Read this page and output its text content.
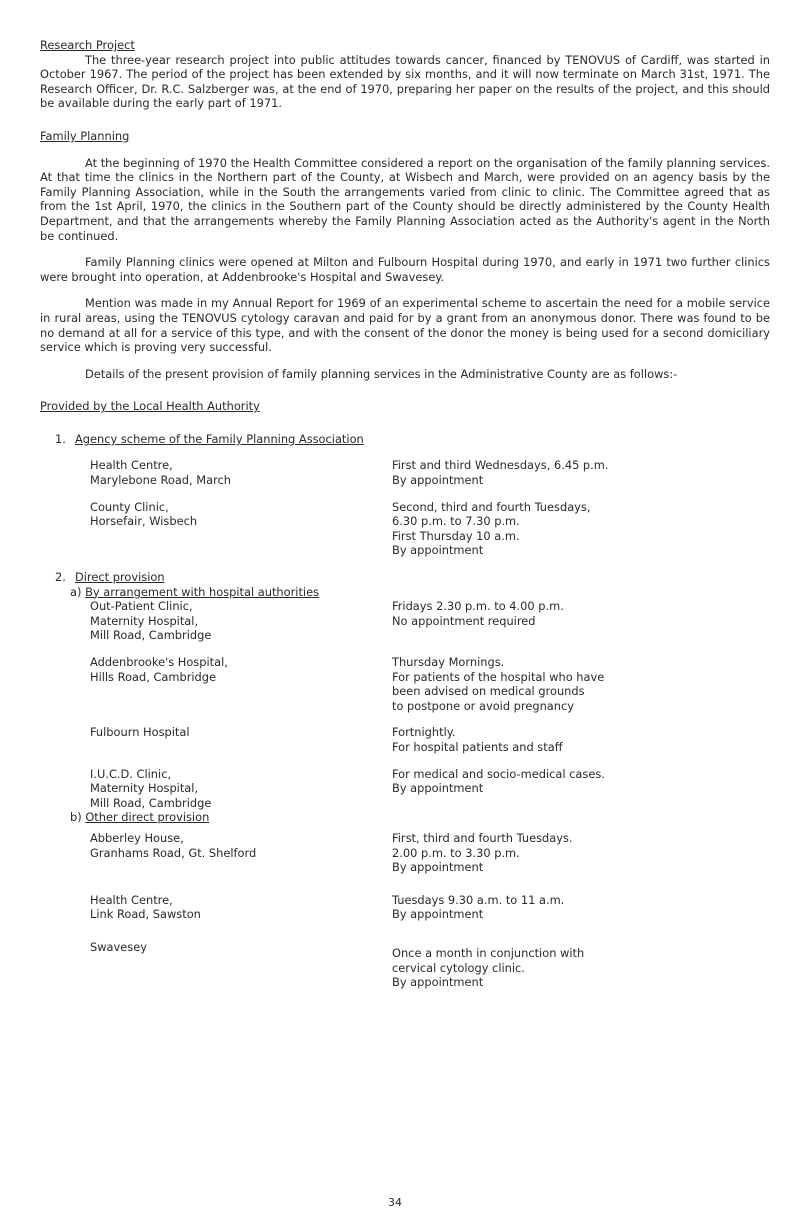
Research Project

The three-year research project into public attitudes towards cancer, financed by TENOVUS of Cardiff, was started in October 1967. The period of the project has been extended by six months, and it will now terminate on March 31st, 1971. The Research Officer, Dr. R.C. Salzberger was, at the end of 1970, preparing her paper on the results of the project, and this should be available during the early part of 1971.

Family Planning

At the beginning of 1970 the Health Committee considered a report on the organisation of the family planning services. At that time the clinics in the Northern part of the County, at Wisbech and March, were provided on an agency basis by the Family Planning Association, while in the South the arrangements varied from clinic to clinic. The Committee agreed that as from the 1st April, 1970, the clinics in the Southern part of the County should be directly administered by the County Health Department, and that the arrangements whereby the Family Planning Association acted as the Authority's agent in the North be continued.

Family Planning clinics were opened at Milton and Fulbourn Hospital during 1970, and early in 1971 two further clinics were brought into operation, at Addenbrooke's Hospital and Swavesey.

Mention was made in my Annual Report for 1969 of an experimental scheme to ascertain the need for a mobile service in rural areas, using the TENOVUS cytology caravan and paid for by a grant from an anonymous donor. There was found to be no demand at all for a service of this type, and with the consent of the donor the money is being used for a second domiciliary service which is proving very successful.

Details of the present provision of family planning services in the Administrative County are as follows:-

Provided by the Local Health Authority

1. Agency scheme of the Family Planning Association
Health Centre,
Marylebone Road, March
First and third Wednesdays, 6.45 p.m.
By appointment
County Clinic,
Horsefair, Wisbech
Second, third and fourth Tuesdays,
6.30 p.m. to 7.30 p.m.
First Thursday 10 a.m.
By appointment
2. Direct provision
a) By arrangement with hospital authorities
Out-Patient Clinic,
Maternity Hospital,
Mill Road, Cambridge
Fridays 2.30 p.m. to 4.00 p.m.
No appointment required
Addenbrooke's Hospital,
Hills Road, Cambridge
Thursday Mornings.
For patients of the hospital who have
been advised on medical grounds
to postpone or avoid pregnancy
Fulbourn Hospital	Fortnightly.
For hospital patients and staff
I.U.C.D. Clinic,
Maternity Hospital,
Mill Road, Cambridge
For medical and socio-medical cases.
By appointment
b) Other direct provision
Abberley House,
Granhams Road, Gt. Shelford
First, third and fourth Tuesdays.
2.00 p.m. to 3.30 p.m.
By appointment
Health Centre,
Link Road, Sawston
Tuesdays 9.30 a.m. to 11 a.m.
By appointment
Swavesey	Once a month in conjunction with
cervical cytology clinic.
By appointment
34
